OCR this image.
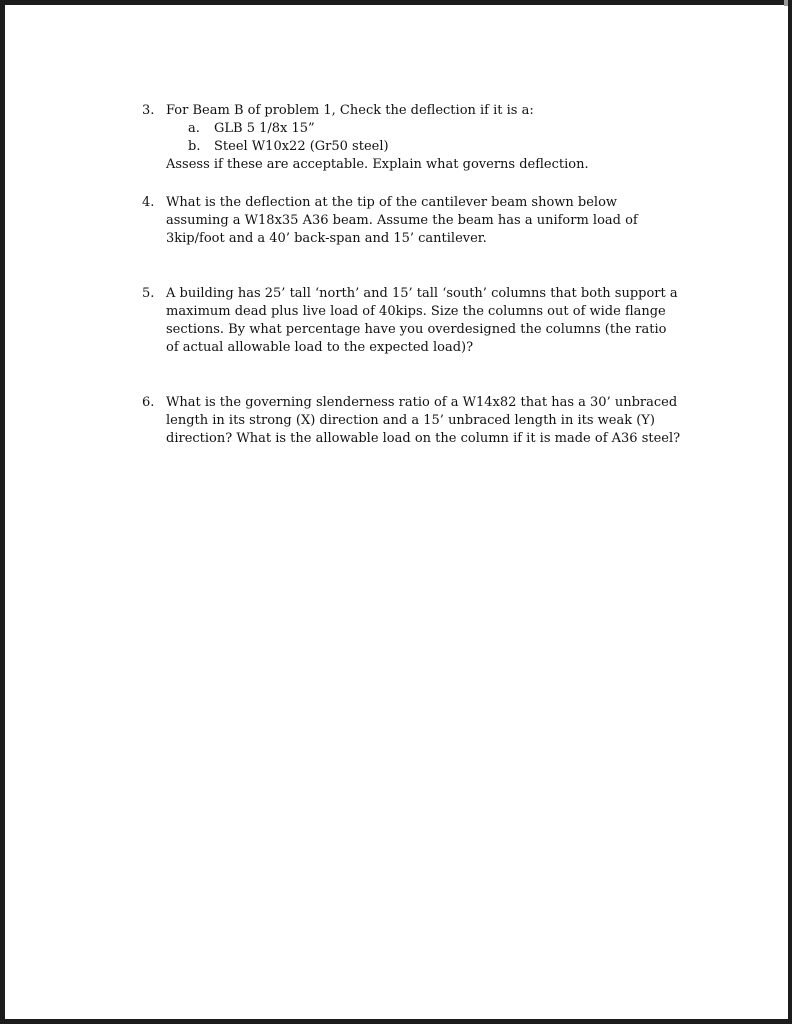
3. For Beam B of problem 1, Check the deflection if it is a:
a. GLB 5 1/8x 15”
b. Steel W10x22 (Gr50 steel)
Assess if these are acceptable. Explain what governs deflection.
4. What is the deflection at the tip of the cantilever beam shown below
assuming a W18x35 A36 beam. Assume the beam has a uniform load of
3kip/foot and a 40’ back-span and 15’ cantilever.
5. A building has 25’ tall ‘north’ and 15’ tall ‘south’ columns that both support a
maximum dead plus live load of 40kips. Size the columns out of wide flange
sections. By what percentage have you overdesigned the columns (the ratio
of actual allowable load to the expected load)?
6. What is the governing slenderness ratio of a W14x82 that has a 30’ unbraced
length in its strong (X) direction and a 15’ unbraced length in its weak (Y)
direction? What is the allowable load on the column if it is made of A36 steel?
